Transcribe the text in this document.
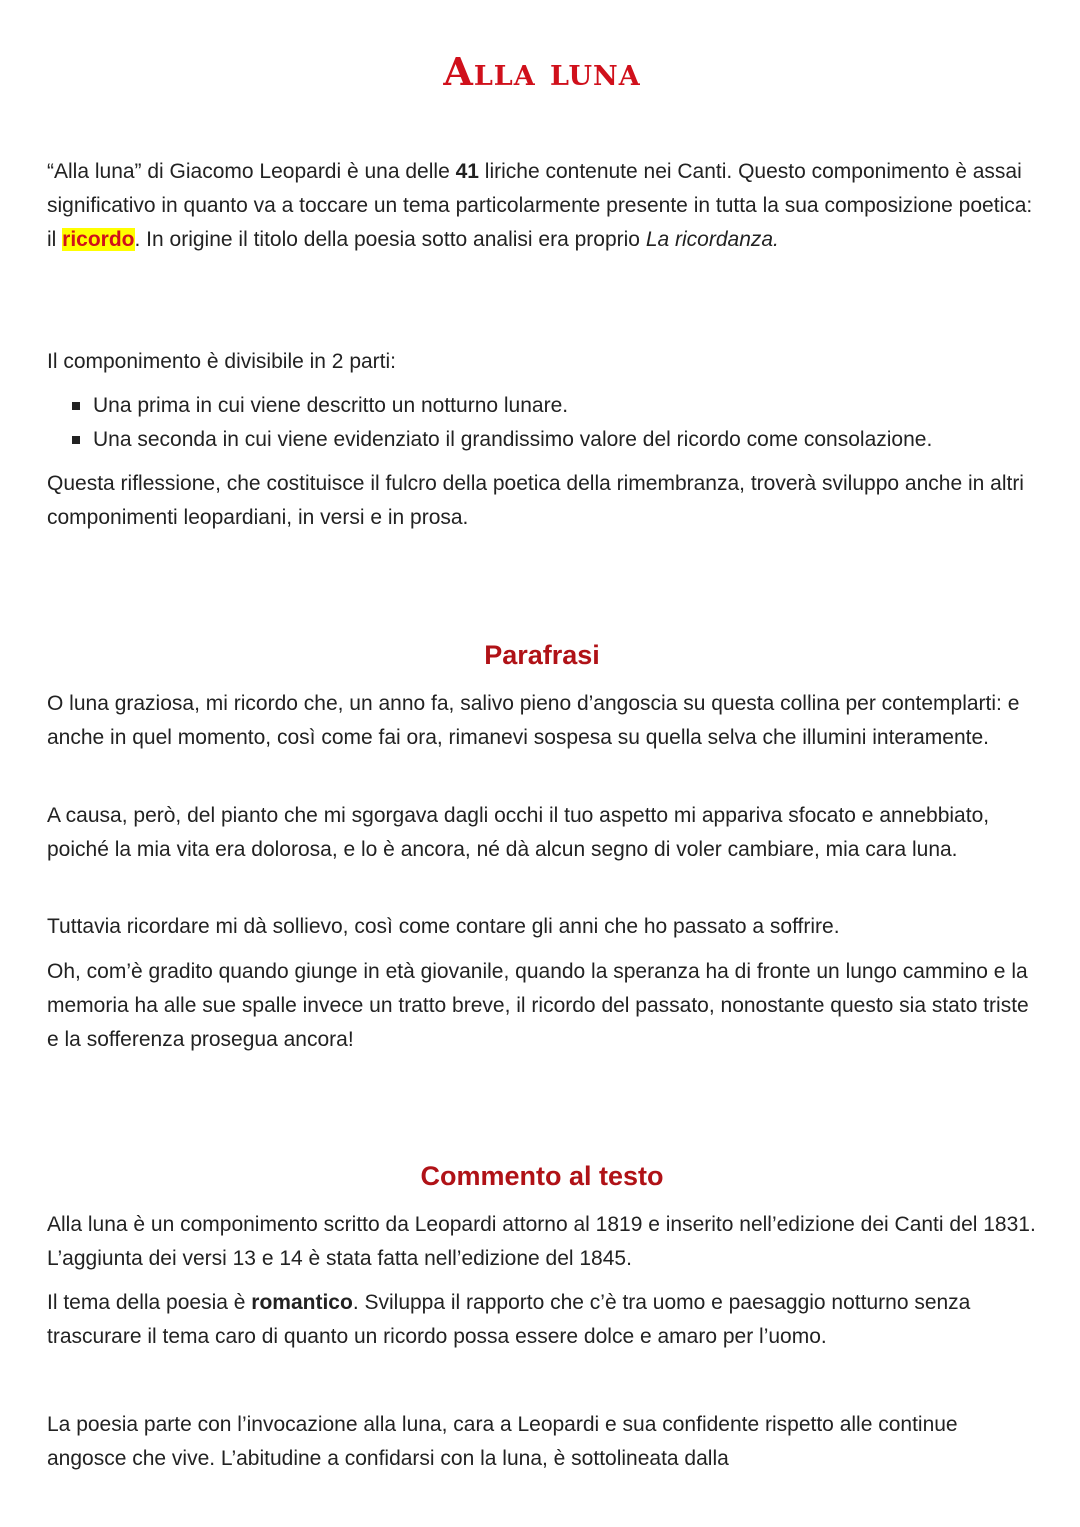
Alla luna

“Alla luna” di Giacomo Leopardi è una delle 41 liriche contenute nei Canti. Questo componimento è assai significativo in quanto va a toccare un tema particolarmente presente in tutta la sua composizione poetica: il ricordo. In origine il titolo della poesia sotto analisi era proprio La ricordanza.

Il componimento è divisibile in 2 parti:

Una prima in cui viene descritto un notturno lunare.
Una seconda in cui viene evidenziato il grandissimo valore del ricordo come consolazione.

Questa riflessione, che costituisce il fulcro della poetica della rimembranza, troverà sviluppo anche in altri componimenti leopardiani, in versi e in prosa.

Parafrasi

O luna graziosa, mi ricordo che, un anno fa, salivo pieno d’angoscia su questa collina per contemplarti: e anche in quel momento, così come fai ora, rimanevi sospesa su quella selva che illumini interamente.

A causa, però, del pianto che mi sgorgava dagli occhi il tuo aspetto mi appariva sfocato e annebbiato, poiché la mia vita era dolorosa, e lo è ancora, né dà alcun segno di voler cambiare, mia cara luna.

Tuttavia ricordare mi dà sollievo, così come contare gli anni che ho passato a soffrire.

Oh, com’è gradito quando giunge in età giovanile, quando la speranza ha di fronte un lungo cammino e la memoria ha alle sue spalle invece un tratto breve, il ricordo del passato, nonostante questo sia stato triste e la sofferenza prosegua ancora!

Commento al testo

Alla luna è un componimento scritto da Leopardi attorno al 1819 e inserito nell’edizione dei Canti del 1831. L’aggiunta dei versi 13 e 14 è stata fatta nell’edizione del 1845.

Il tema della poesia è romantico. Sviluppa il rapporto che c’è tra uomo e paesaggio notturno senza trascurare il tema caro di quanto un ricordo possa essere dolce e amaro per l’uomo.

La poesia parte con l’invocazione alla luna, cara a Leopardi e sua confidente rispetto alle continue angosce che vive. L’abitudine a confidarsi con la luna, è sottolineata dalla
